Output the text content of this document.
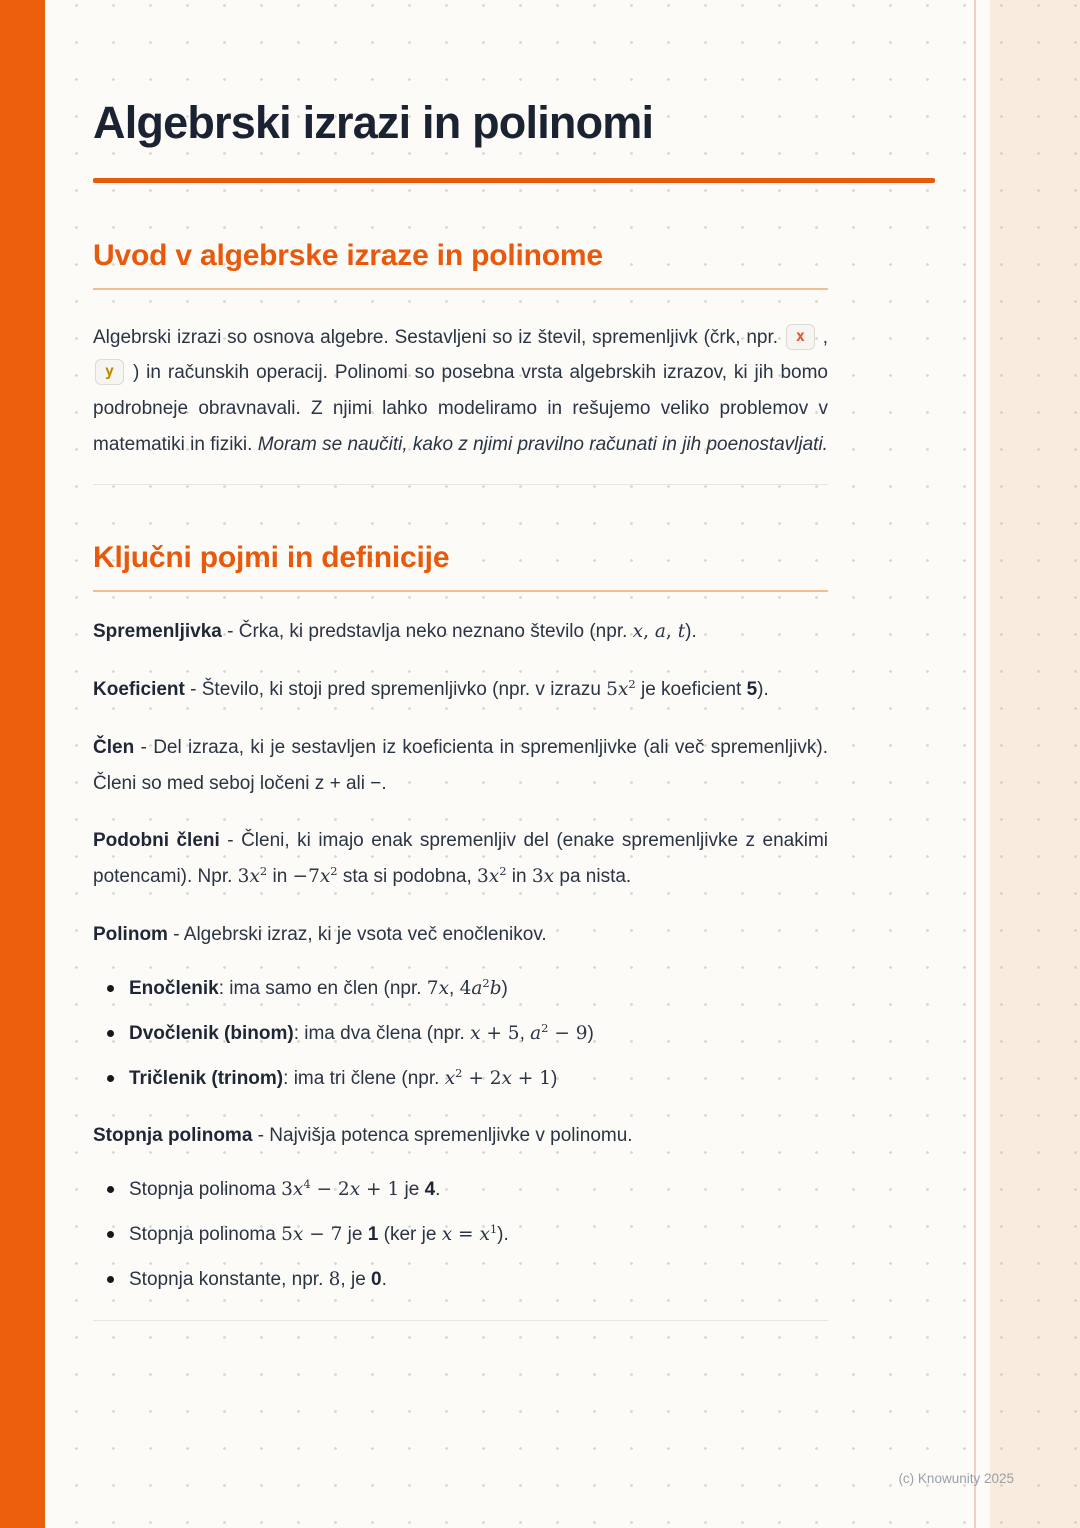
Algebrski izrazi in polinomi
Uvod v algebrske izraze in polinome

Algebrski izrazi so osnova algebre. Sestavljeni so iz števil, spremenljivk (črk, npr. x , y ) in računskih operacij. Polinomi so posebna vrsta algebrskih izrazov, ki jih bomo podrobneje obravnavali. Z njimi lahko modeliramo in rešujemo veliko problemov v matematiki in fiziki. Moram se naučiti, kako z njimi pravilno računati in jih poenostavljati.

Ključni pojmi in definicije

Spremenljivka - Črka, ki predstavlja neko neznano število (npr. x, a, t).

Koeficient - Število, ki stoji pred spremenljivko (npr. v izrazu $5x^2$ je koeficient 5).

Člen - Del izraza, ki je sestavljen iz koeficienta in spremenljivke (ali več spremenljivk). Členi so med seboj ločeni z + ali −.

Podobni členi - Členi, ki imajo enak spremenljiv del (enake spremenljivke z enakimi potencami). Npr. $3x^2$ in $-7x^2$ sta si podobna, $3x^2$ in 3x pa nista.

Polinom - Algebrski izraz, ki je vsota več enočlenikov.

Enočlenik: ima samo en člen (npr. 7x, $4a^2b$)
Dvočlenik (binom): ima dva člena (npr. x + 5, $a^2 - 9$)
Tričlenik (trinom): ima tri člene (npr. $x^2 + 2x + 1$)

Stopnja polinoma - Najvišja potenca spremenljivke v polinomu.

Stopnja polinoma $3x^4 - 2x + 1$ je 4.
Stopnja polinoma 5x − 7 je 1 (ker je $x = x^1$).
Stopnja konstante, npr. 8, je 0.
(c) Knowunity 2025
